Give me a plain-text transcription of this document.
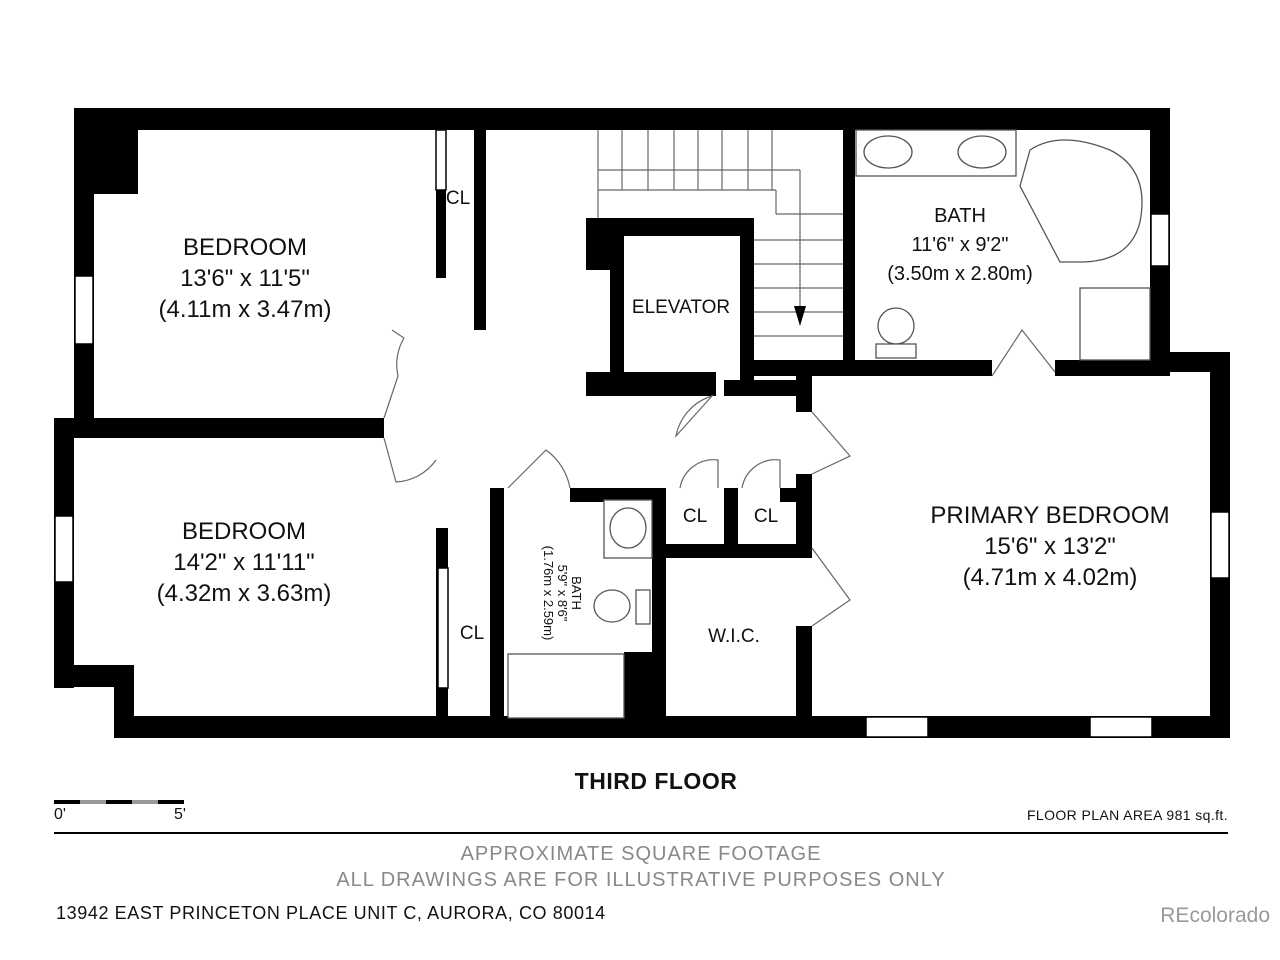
BEDROOM
13'6" x 11'5"
(4.11m x 3.47m)
BEDROOM
14'2" x 11'11"
(4.32m x 3.63m)
PRIMARY BEDROOM
15'6" x 13'2"
(4.71m x 4.02m)
BATH
11'6" x 9'2"
(3.50m x 2.80m)
BATH
5'9" x 8'6"
(1.76m x 2.59m)
ELEVATOR
CL
CL
CL	CL
W.I.C.
THIRD FLOOR
0'	5'	FLOOR PLAN AREA 981 sq.ft.
APPROXIMATE SQUARE FOOTAGE
ALL DRAWINGS ARE FOR ILLUSTRATIVE PURPOSES ONLY
13942 EAST PRINCETON PLACE UNIT C, AURORA, CO 80014	REcolorado
